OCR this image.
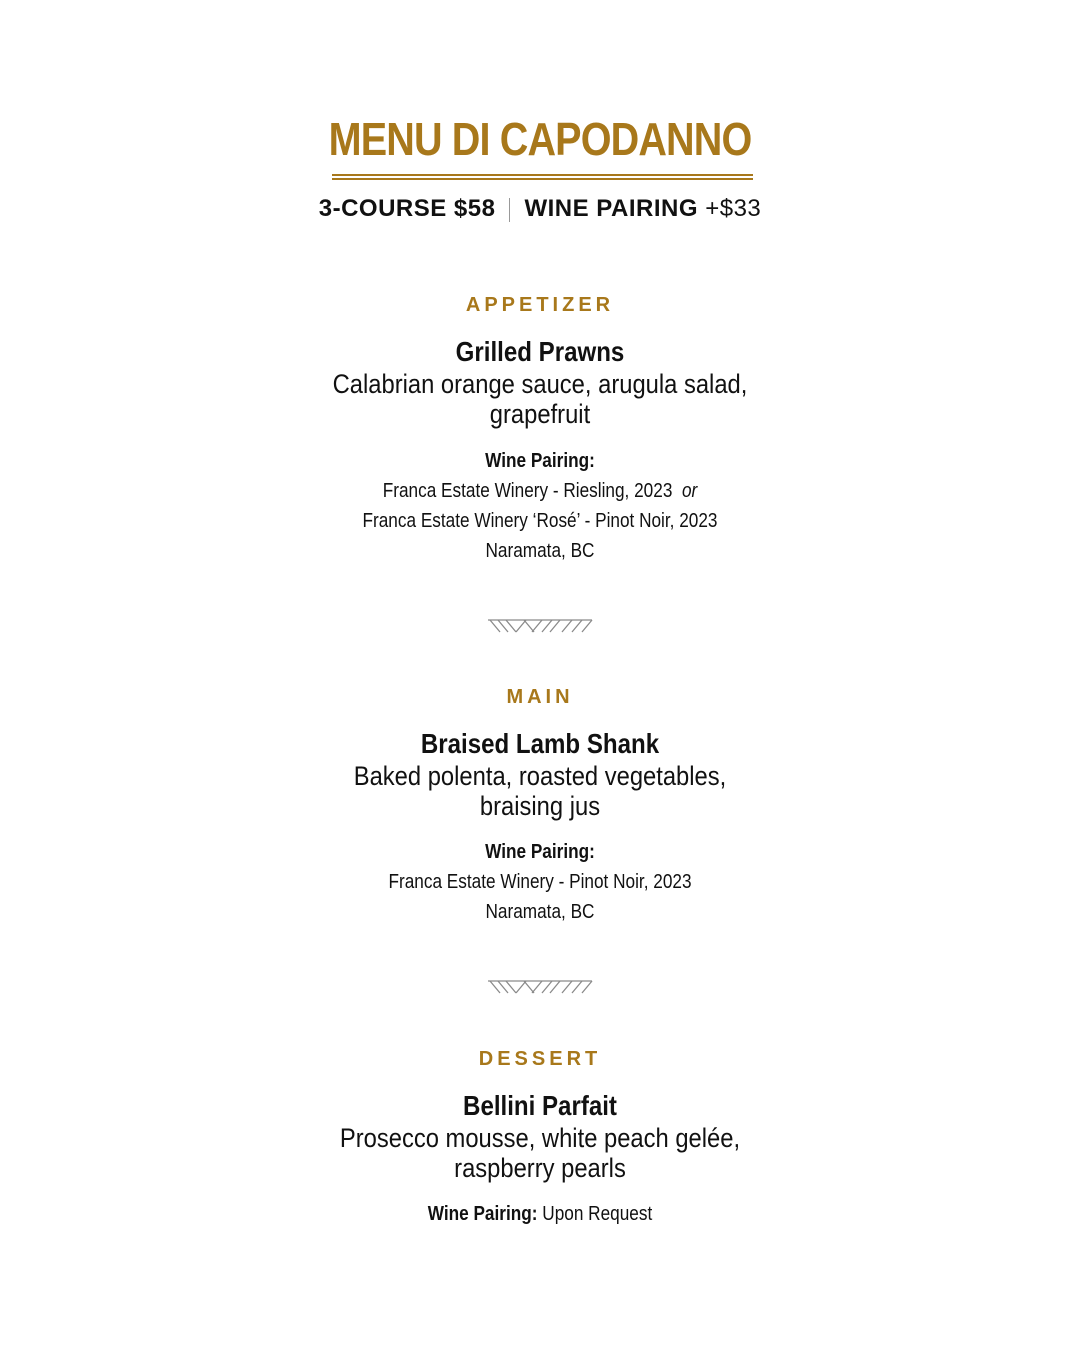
MENU DI CAPODANNO
3-COURSE $58 WINE PAIRING +$33
APPETIZER
Grilled Prawns
Calabrian orange sauce, arugula salad, grapefruit
Wine Pairing:
Franca Estate Winery - Riesling, 2023 or
Franca Estate Winery ‘Rosé’ - Pinot Noir, 2023
Naramata, BC
MAIN
Braised Lamb Shank
Baked polenta, roasted vegetables, braising jus
Wine Pairing:
Franca Estate Winery - Pinot Noir, 2023
Naramata, BC
DESSERT
Bellini Parfait
Prosecco mousse, white peach gelée, raspberry pearls
Wine Pairing: Upon Request
